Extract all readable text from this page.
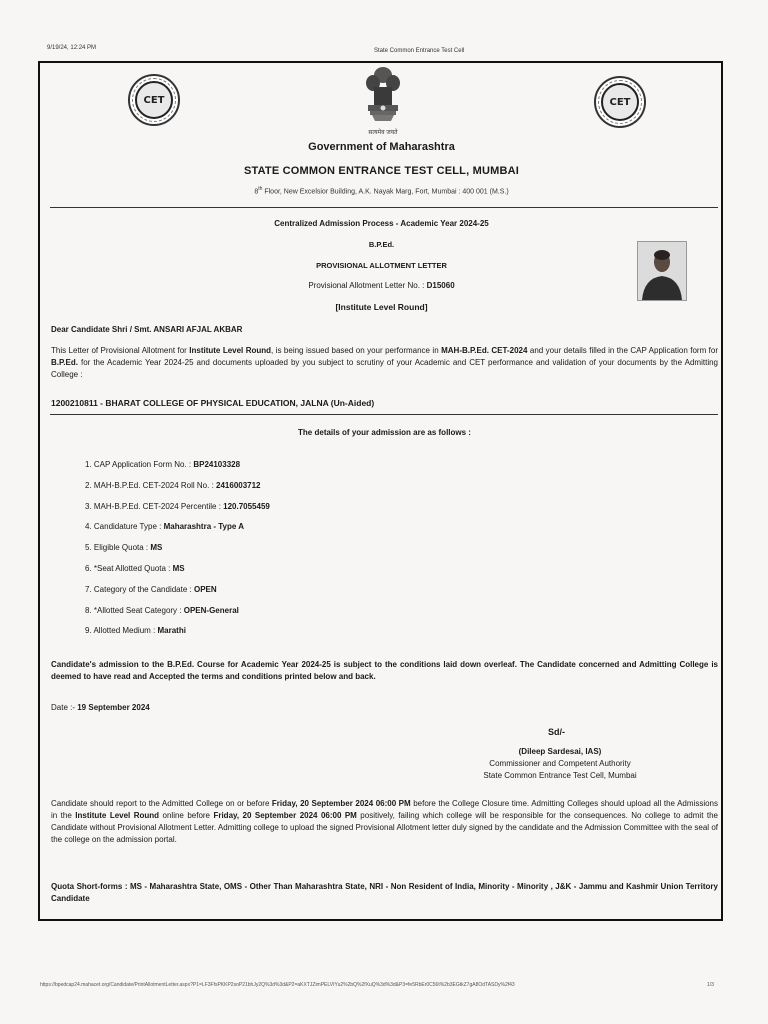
9/19/24, 12:24 PM	State Common Entrance Test Cell
CET	CET
सत्यमेव जयते
Government of Maharashtra
STATE COMMON ENTRANCE TEST CELL, MUMBAI
8th Floor, New Excelsior Building, A.K. Nayak Marg, Fort, Mumbai : 400 001 (M.S.)
Centralized Admission Process - Academic Year 2024-25
B.P.Ed.
PROVISIONAL ALLOTMENT LETTER
Provisional Allotment Letter No. : D15060
[Institute Level Round]
Dear Candidate Shri / Smt. ANSARI AFJAL AKBAR
This Letter of Provisional Allotment for Institute Level Round, is being issued based on your performance in MAH-B.P.Ed. CET-2024 and your details filled in the CAP Application form for B.P.Ed. for the Academic Year 2024-25 and documents uploaded by you subject to scrutiny of your Academic and CET performance and validation of your documents by the Admitting College :
1200210811 - BHARAT COLLEGE OF PHYSICAL EDUCATION, JALNA (Un-Aided)
The details of your admission are as follows :
1. CAP Application Form No. : BP24103328
2. MAH-B.P.Ed. CET-2024 Roll No. : 2416003712
3. MAH-B.P.Ed. CET-2024 Percentile : 120.7055459
4. Candidature Type : Maharashtra - Type A
5. Eligible Quota : MS
6. *Seat Allotted Quota : MS
7. Category of the Candidate : OPEN
8. *Allotted Seat Category : OPEN-General
9. Allotted Medium : Marathi
Candidate's admission to the B.P.Ed. Course for Academic Year 2024-25 is subject to the conditions laid down overleaf. The Candidate concerned and Admitting College is deemed to have read and Accepted the terms and conditions printed below and back.
Date :- 19 September 2024
Sd/-
(Dileep Sardesai, IAS)
Commissioner and Competent Authority
State Common Entrance Test Cell, Mumbai
Candidate should report to the Admitted College on or before Friday, 20 September 2024 06:00 PM before the College Closure time. Admitting Colleges should upload all the Admissions in the Institute Level Round online before Friday, 20 September 2024 06:00 PM positively, failing which college will be responsible for the consequences. No college to admit the Candidate without Provisional Allotment Letter. Admitting college to upload the signed Provisional Allotment letter duly signed by the candidate and the Admission Committee with the seal of the college on the admission portal.
Quota Short-forms : MS - Maharashtra State, OMS - Other Than Maharashtra State, NRI - Non Resident of India, Minority - Minority , J&K - Jammu and Kashmir Union Territory Candidate
https://bpedcap24.mahacet.org/Candidate/PrintAllotmentLetter.aspx?P1=LF3FfsPKKP2soP21bhJy2Q%3d%3d&P2=aKXTJZimPELVIYu2%2bQ%2fXuQ%3d%3d&P3=fe5RbEr0C56t%2b3EGtkZ7gA8OdTASDy%2f43	1/3
